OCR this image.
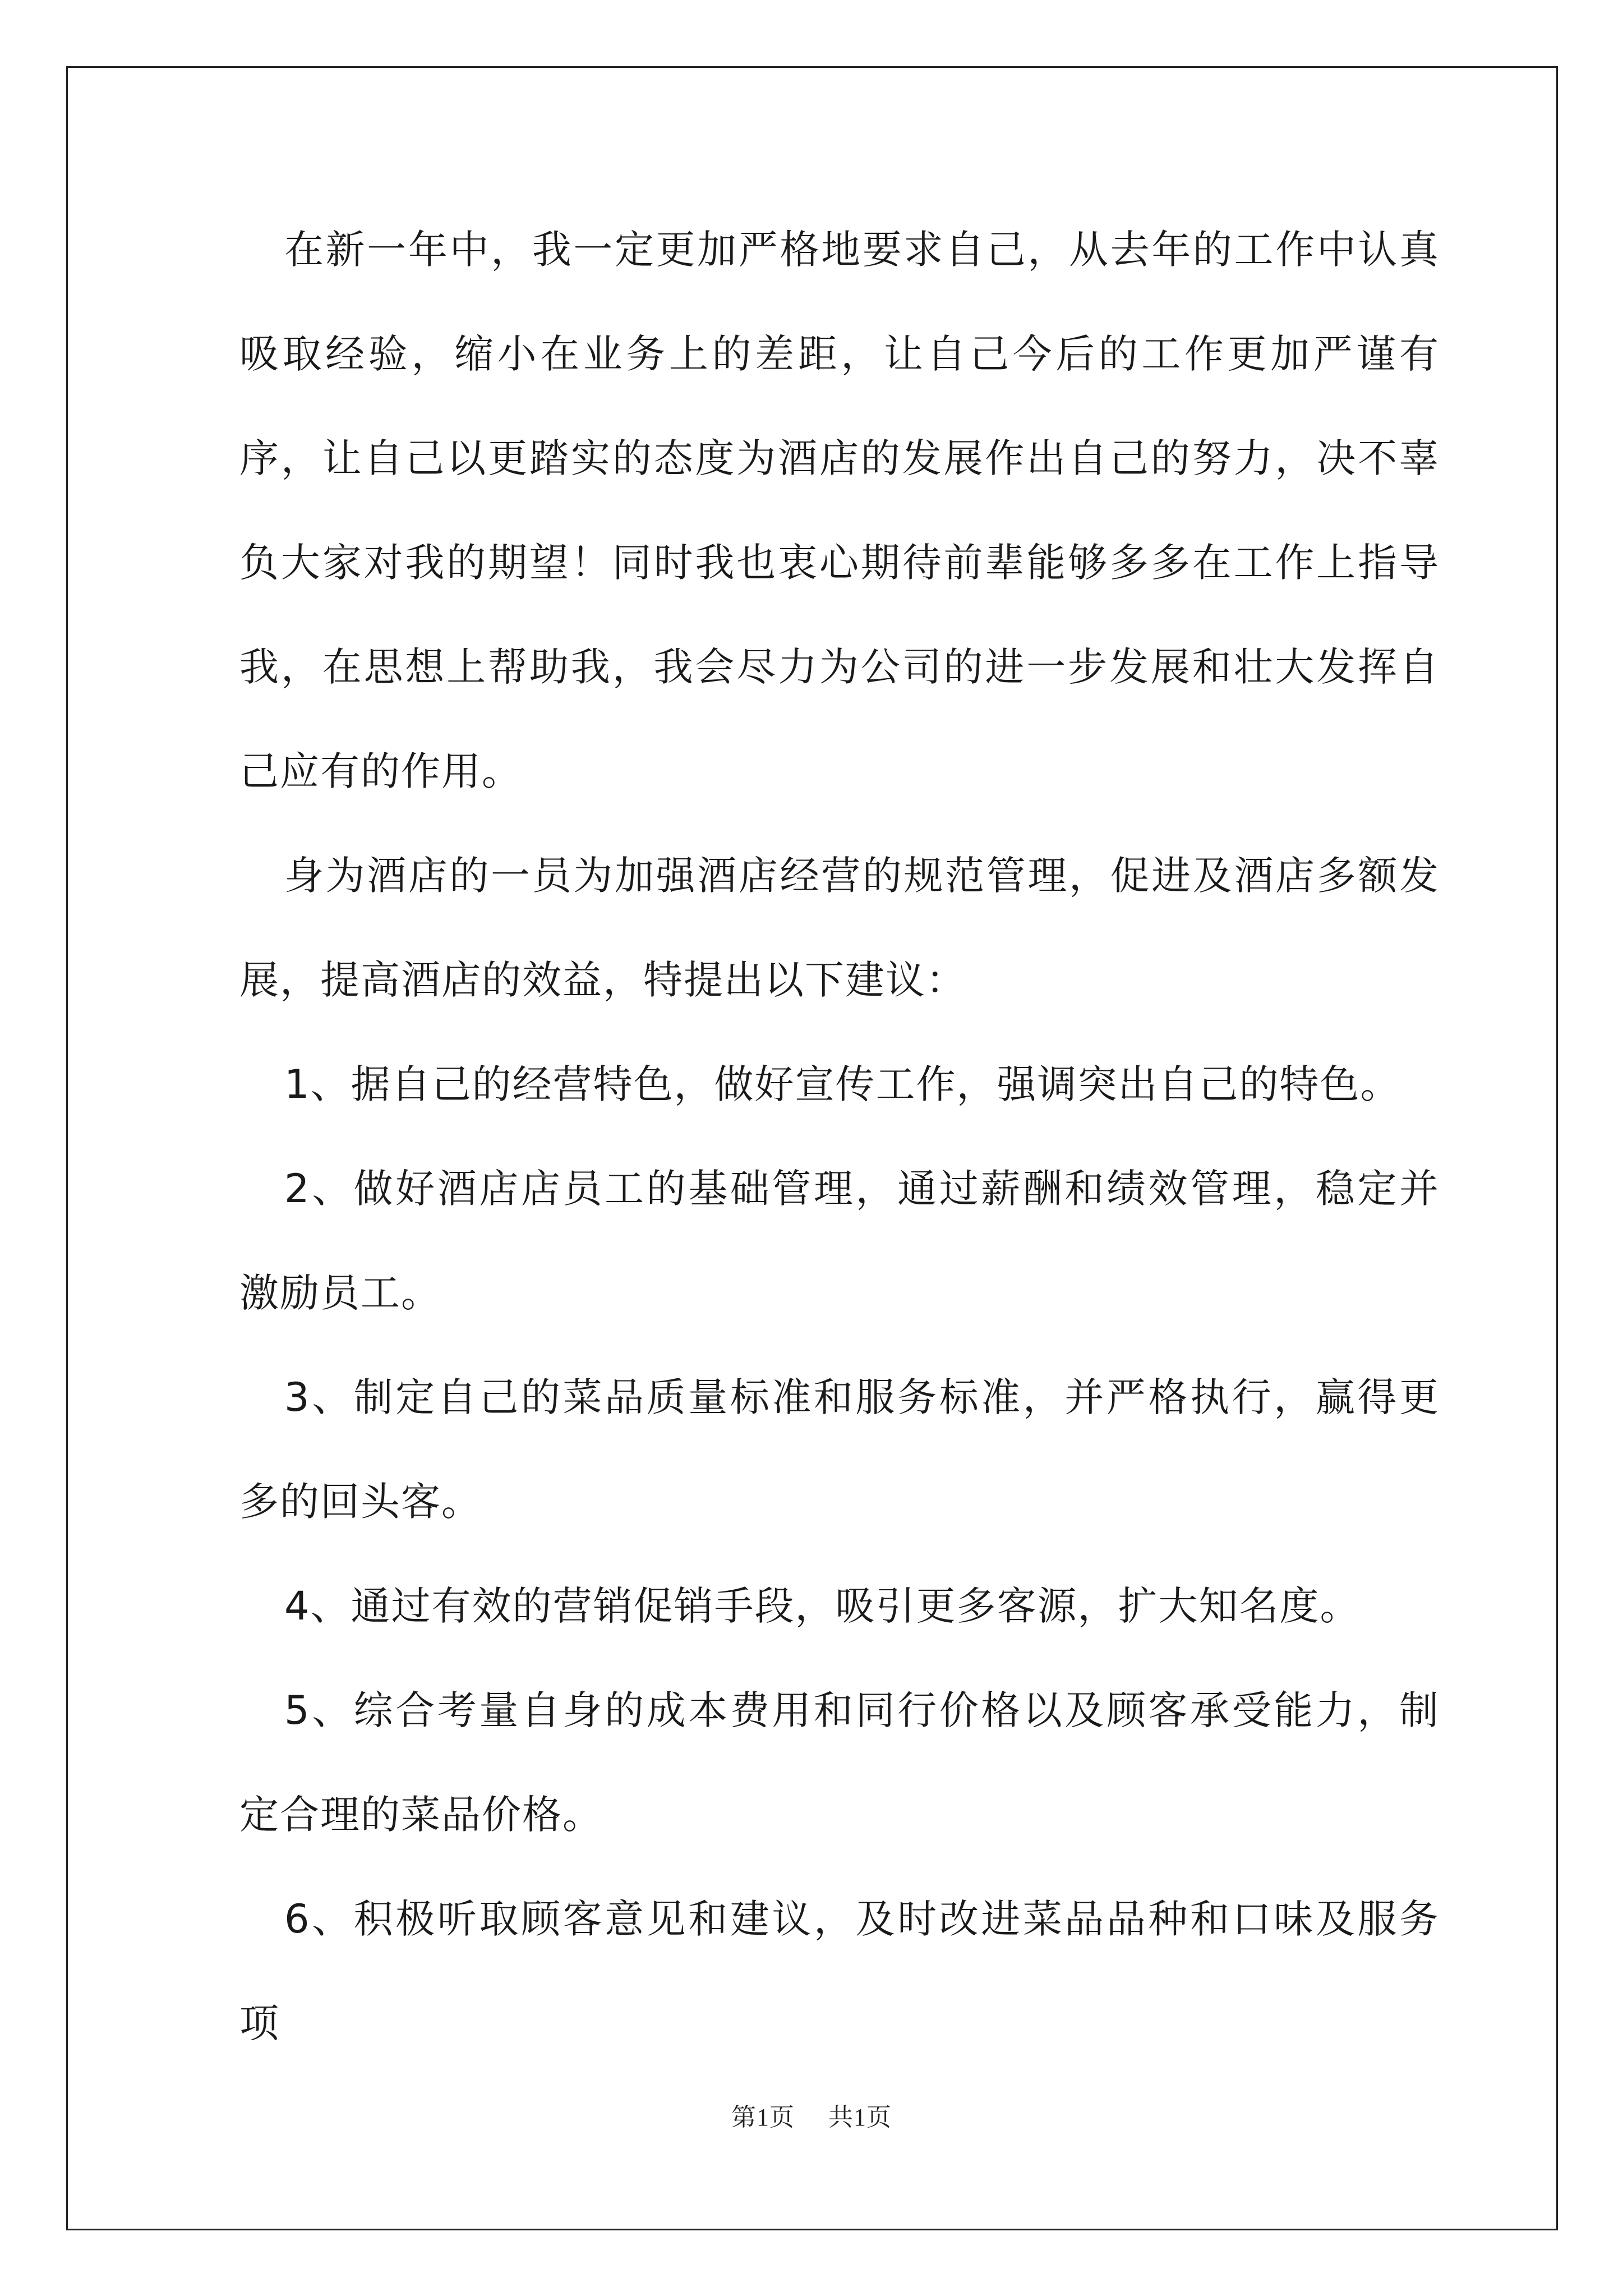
在新一年中，我一定更加严格地要求自己，从去年的工作中认真吸取经验，缩小在业务上的差距，让自己今后的工作更加严谨有序，让自己以更踏实的态度为酒店的发展作出自己的努力，决不辜负大家对我的期望！同时我也衷心期待前辈能够多多在工作上指导我，在思想上帮助我，我会尽力为公司的进一步发展和壮大发挥自己应有的作用。

身为酒店的一员为加强酒店经营的规范管理，促进及酒店多额发展，提高酒店的效益，特提出以下建议：

1、据自己的经营特色，做好宣传工作，强调突出自己的特色。

2、做好酒店店员工的基础管理，通过薪酬和绩效管理，稳定并激励员工。

3、制定自己的菜品质量标准和服务标准，并严格执行，赢得更多的回头客。

4、通过有效的营销促销手段，吸引更多客源，扩大知名度。

5、综合考量自身的成本费用和同行价格以及顾客承受能力，制定合理的菜品价格。

6、积极听取顾客意见和建议，及时改进菜品品种和口味及服务项

第1页 共1页
